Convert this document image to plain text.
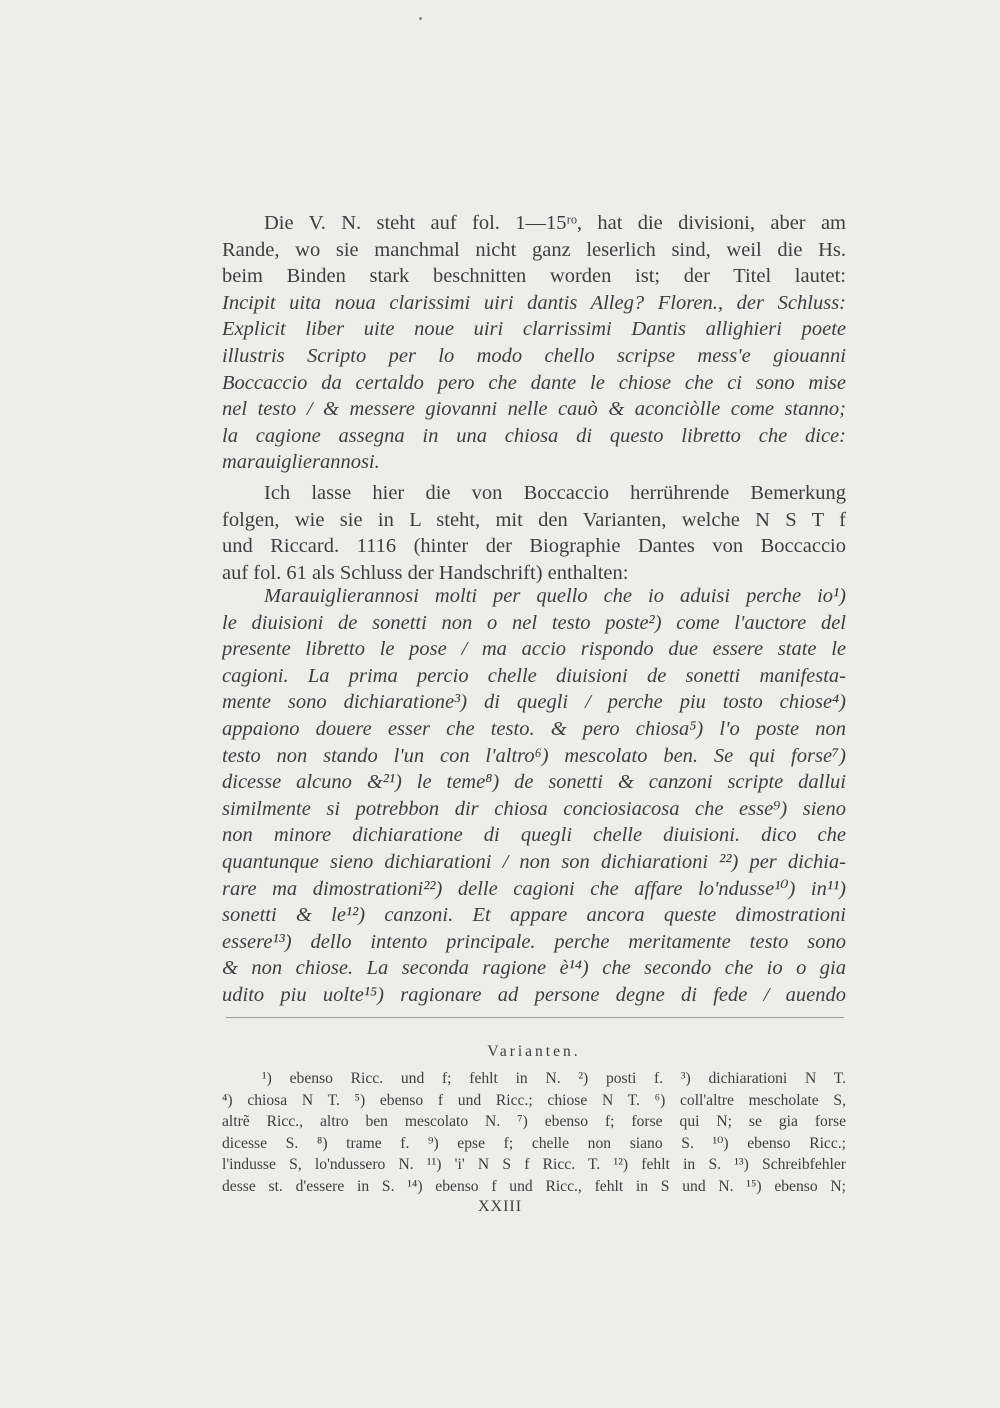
Die V. N. steht auf fol. 1—15ʳᵒ, hat die divisioni, aber am
Rande, wo sie manchmal nicht ganz leserlich sind, weil die Hs.
beim Binden stark beschnitten worden ist; der Titel lautet:
Incipit uita noua clarissimi uiri dantis Alleg? Floren., der Schluss:
Explicit liber uite noue uiri clarrissimi Dantis allighieri poete
illustris Scripto per lo modo chello scripse mess'e giouanni
Boccaccio da certaldo pero che dante le chiose che ci sono mise
nel testo / & messere giovanni nelle cauò & aconciòlle come stanno;
la cagione assegna in una chiosa di questo libretto che dice:
marauiglierannosi.
Ich lasse hier die von Boccaccio herrührende Bemerkung
folgen, wie sie in L steht, mit den Varianten, welche N S T f
und Riccard. 1116 (hinter der Biographie Dantes von Boccaccio
auf fol. 61 als Schluss der Handschrift) enthalten:
Marauiglierannosi molti per quello che io aduisi perche io¹)
le diuisioni de sonetti non o nel testo poste²) come l'auctore del
presente libretto le pose / ma accio rispondo due essere state le
cagioni. La prima percio chelle diuisioni de sonetti manifesta-
mente sono dichiaratione³) di quegli / perche piu tosto chiose⁴)
appaiono douere esser che testo. & pero chiosa⁵) l'o poste non
testo non stando l'un con l'altro⁶) mescolato ben. Se qui forse⁷)
dicesse alcuno &²¹) le teme⁸) de sonetti & canzoni scripte dallui
similmente si potrebbon dir chiosa conciosiacosa che esse⁹) sieno
non minore dichiaratione di quegli chelle diuisioni. dico che
quantunque sieno dichiarationi / non son dichiarationi ²²) per dichia-
rare ma dimostrationi²²) delle cagioni che affare lo'ndusse¹⁰) in¹¹)
sonetti & le¹²) canzoni. Et appare ancora queste dimostrationi
essere¹³) dello intento principale. perche meritamente testo sono
& non chiose. La seconda ragione è¹⁴) che secondo che io o gia
udito piu uolte¹⁵) ragionare ad persone degne di fede / auendo
Varianten.
¹) ebenso Ricc. und f; fehlt in N. ²) posti f. ³) dichiarationi N T.
⁴) chiosa N T. ⁵) ebenso f und Ricc.; chiose N T. ⁶) coll'altre mescholate S,
altrẽ Ricc., altro ben mescolato N. ⁷) ebenso f; forse qui N; se gia forse
dicesse S. ⁸) trame f. ⁹) epse f; chelle non siano S. ¹⁰) ebenso Ricc.;
l'indusse S, lo'ndussero N. ¹¹) 'i' N S f Ricc. T. ¹²) fehlt in S. ¹³) Schreibfehler
desse st. d'essere in S. ¹⁴) ebenso f und Ricc., fehlt in S und N. ¹⁵) ebenso N;
XXIII
